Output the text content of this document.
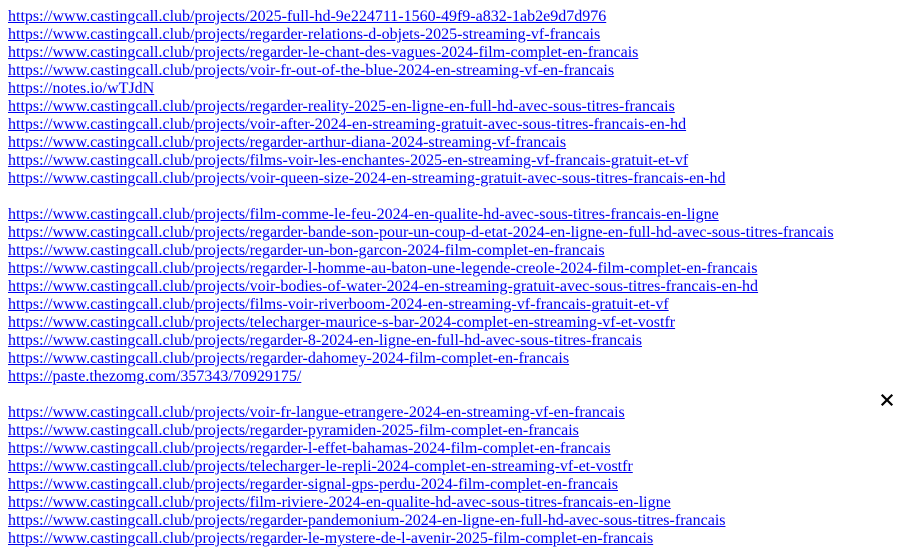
https://www.castingcall.club/projects/2025-full-hd-9e224711-1560-49f9-a832-1ab2e9d7d976
https://www.castingcall.club/projects/regarder-relations-d-objets-2025-streaming-vf-francais
https://www.castingcall.club/projects/regarder-le-chant-des-vagues-2024-film-complet-en-francais
https://www.castingcall.club/projects/voir-fr-out-of-the-blue-2024-en-streaming-vf-en-francais
https://notes.io/wTJdN
https://www.castingcall.club/projects/regarder-reality-2025-en-ligne-en-full-hd-avec-sous-titres-francais
https://www.castingcall.club/projects/voir-after-2024-en-streaming-gratuit-avec-sous-titres-francais-en-hd
https://www.castingcall.club/projects/regarder-arthur-diana-2024-streaming-vf-francais
https://www.castingcall.club/projects/films-voir-les-enchantes-2025-en-streaming-vf-francais-gratuit-et-vf
https://www.castingcall.club/projects/voir-queen-size-2024-en-streaming-gratuit-avec-sous-titres-francais-en-hd
https://www.castingcall.club/projects/film-comme-le-feu-2024-en-qualite-hd-avec-sous-titres-francais-en-ligne
https://www.castingcall.club/projects/regarder-bande-son-pour-un-coup-d-etat-2024-en-ligne-en-full-hd-avec-sous-titres-francais
https://www.castingcall.club/projects/regarder-un-bon-garcon-2024-film-complet-en-francais
https://www.castingcall.club/projects/regarder-l-homme-au-baton-une-legende-creole-2024-film-complet-en-francais
https://www.castingcall.club/projects/voir-bodies-of-water-2024-en-streaming-gratuit-avec-sous-titres-francais-en-hd
https://www.castingcall.club/projects/films-voir-riverboom-2024-en-streaming-vf-francais-gratuit-et-vf
https://www.castingcall.club/projects/telecharger-maurice-s-bar-2024-complet-en-streaming-vf-et-vostfr
https://www.castingcall.club/projects/regarder-8-2024-en-ligne-en-full-hd-avec-sous-titres-francais
https://www.castingcall.club/projects/regarder-dahomey-2024-film-complet-en-francais
https://paste.thezomg.com/357343/70929175/
https://www.castingcall.club/projects/voir-fr-langue-etrangere-2024-en-streaming-vf-en-francais
https://www.castingcall.club/projects/regarder-pyramiden-2025-film-complet-en-francais
https://www.castingcall.club/projects/regarder-l-effet-bahamas-2024-film-complet-en-francais
https://www.castingcall.club/projects/telecharger-le-repli-2024-complet-en-streaming-vf-et-vostfr
https://www.castingcall.club/projects/regarder-signal-gps-perdu-2024-film-complet-en-francais
https://www.castingcall.club/projects/film-riviere-2024-en-qualite-hd-avec-sous-titres-francais-en-ligne
https://www.castingcall.club/projects/regarder-pandemonium-2024-en-ligne-en-full-hd-avec-sous-titres-francais
https://www.castingcall.club/projects/regarder-le-mystere-de-l-avenir-2025-film-complet-en-francais
